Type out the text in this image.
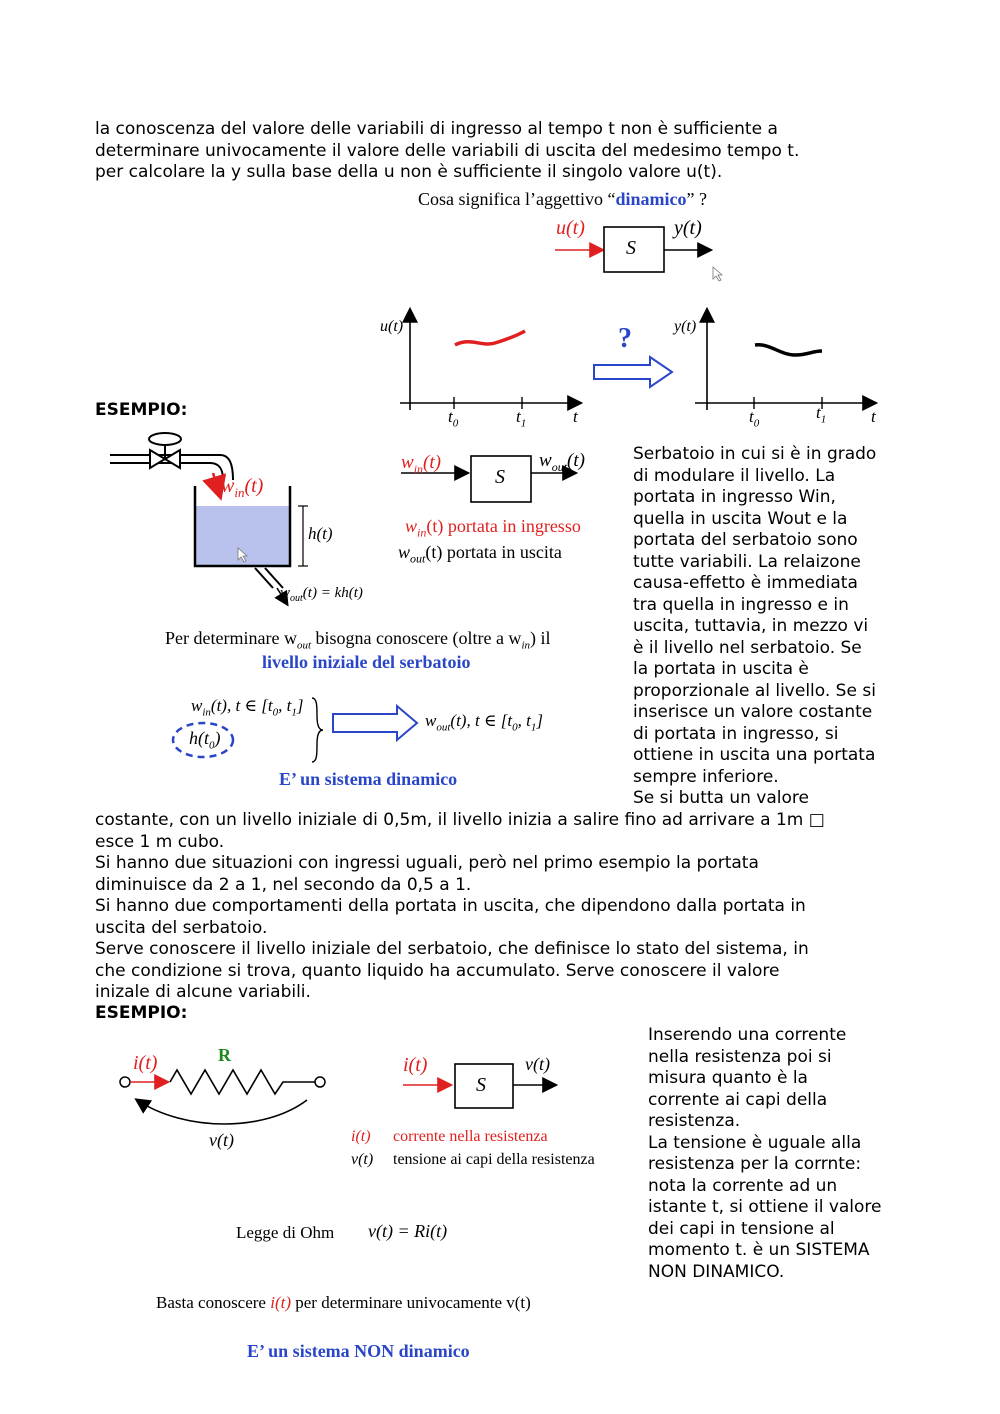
la conoscenza del valore delle variabili di ingresso al tempo t non è sufficiente a
determinare univocamente il valore delle variabili di uscita del medesimo tempo t.
per calcolare la y sulla base della u non è sufficiente il singolo valore u(t).
Cosa significa l’aggettivo “dinamico” ?
u(t)
S
y(t)
u(t)	y(t)
?
$t_0$	$t_1$	t	$t_0$
$t_1$	t
ESEMPIO:
$w_{in}(t)$
h(t)
$w_{out}(t) = kh(t)$
$w_{in}(t)$
S
$w_{out}(t)$
$w_{in}(t)$ portata in ingresso
$w_{out}(t)$ portata in uscita
Per determinare $w_{out}$ bisogna conoscere (oltre a $w_{in}$) il
livello iniziale del serbatoio
$w_{in}(t)$, t ∈ [$t_0$, $t_1$]
$h(t_0)$
$w_{out}(t)$, t ∈ [$t_0$, $t_1$]
E’ un sistema dinamico
Serbatoio in cui si è in grado
di modulare il livello. La
portata in ingresso Win,
quella in uscita Wout e la
portata del serbatoio sono
tutte variabili. La relaizone
causa-effetto è immediata
tra quella in ingresso e in
uscita, tuttavia, in mezzo vi
è il livello nel serbatoio. Se
la portata in uscita è
proporzionale al livello. Se si
inserisce un valore costante
di portata in ingresso, si
ottiene in uscita una portata
sempre inferiore.
Se si butta un valore
costante, con un livello iniziale di 0,5m, il livello inizia a salire fino ad arrivare a 1m □
esce 1 m cubo.
Si hanno due situazioni con ingressi uguali, però nel primo esempio la portata
diminuisce da 2 a 1, nel secondo da 0,5 a 1.
Si hanno due comportamenti della portata in uscita, che dipendono dalla portata in
uscita del serbatoio.
Serve conoscere il livello iniziale del serbatoio, che definisce lo stato del sistema, in
che condizione si trova, quanto liquido ha accumulato. Serve conoscere il valore
inizale di alcune variabili.
ESEMPIO:
i(t)	R
v(t)
i(t)
S
v(t)
i(t) corrente nella resistenza
v(t) tensione ai capi della resistenza
Legge di Ohm v(t) = Ri(t)
Basta conoscere i(t) per determinare univocamente v(t)
E’ un sistema NON dinamico
Inserendo una corrente
nella resistenza poi si
misura quanto è la
corrente ai capi della
resistenza.
La tensione è uguale alla
resistenza per la corrnte:
nota la corrente ad un
istante t, si ottiene il valore
dei capi in tensione al
momento t. è un SISTEMA
NON DINAMICO.
